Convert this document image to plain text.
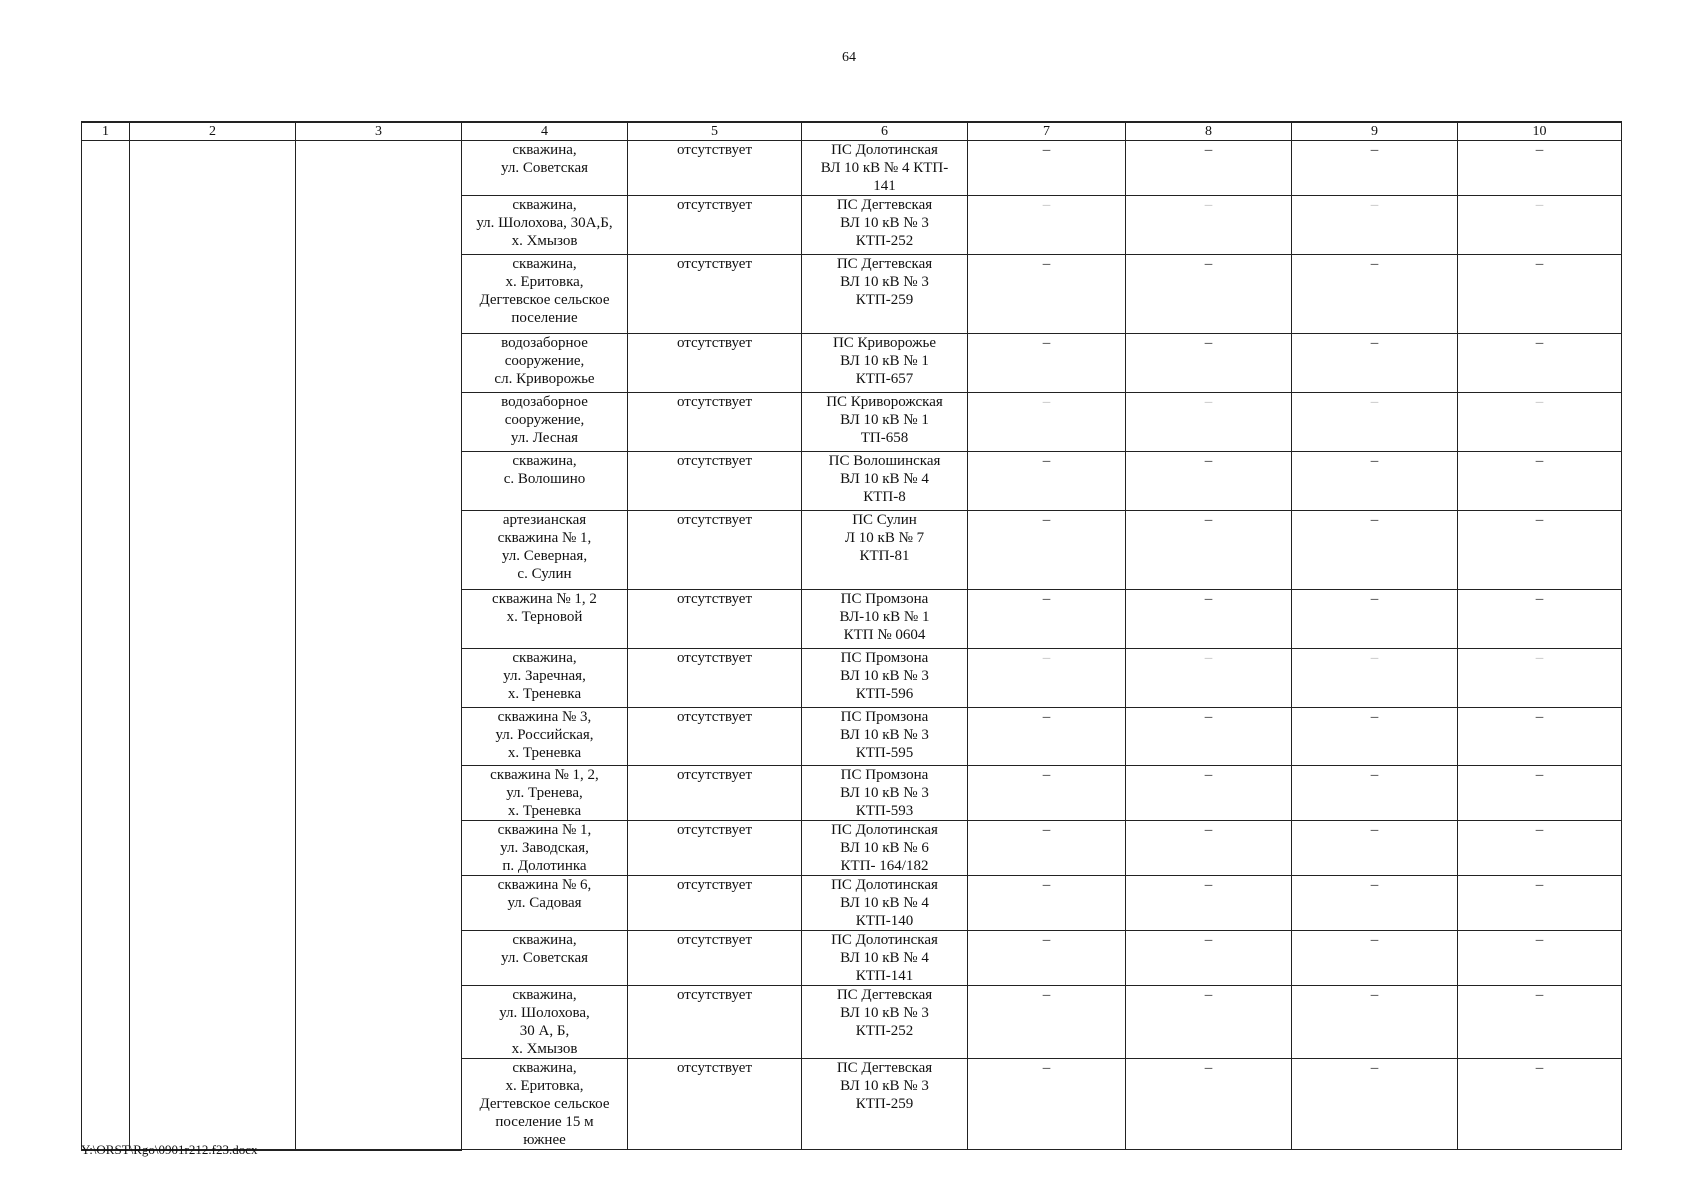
64
1	2	3	4	5	6	7	8	9	10
			скважина,
ул. Советская	отсутствует	ПС Долотинская
ВЛ 10 кВ № 4 КТП-
141	–	–	–	–
			скважина,
ул. Шолохова, 30А,Б,
х. Хмызов	отсутствует	ПС Дегтевская
ВЛ 10 кВ № 3
КТП-252	–	–	–	–
			скважина,
х. Еритовка,
Дегтевское сельское
поселение	отсутствует	ПС Дегтевская
ВЛ 10 кВ № 3
КТП-259	–	–	–	–
			водозаборное
сооружение,
сл. Криворожье	отсутствует	ПС Криворожье
ВЛ 10 кВ № 1
КТП-657	–	–	–	–
			водозаборное
сооружение,
ул. Лесная	отсутствует	ПС Криворожская
ВЛ 10 кВ № 1
ТП-658	–	–	–	–
			скважина,
с. Волошино	отсутствует	ПС Волошинская
ВЛ 10 кВ № 4
КТП-8	–	–	–	–
			артезианская
скважина № 1,
ул. Северная,
с. Сулин	отсутствует	ПС Сулин
Л 10 кВ № 7
КТП-81	–	–	–	–
			скважина № 1, 2
х. Терновой	отсутствует	ПС Промзона
ВЛ-10 кВ № 1
КТП № 0604	–	–	–	–
			скважина,
ул. Заречная,
х. Треневка	отсутствует	ПС Промзона
ВЛ 10 кВ № 3
КТП-596	–	–	–	–
			скважина № 3,
ул. Российская,
х. Треневка	отсутствует	ПС Промзона
ВЛ 10 кВ № 3
КТП-595	–	–	–	–
			скважина № 1, 2,
ул. Тренева,
х. Треневка	отсутствует	ПС Промзона
ВЛ 10 кВ № 3
КТП-593	–	–	–	–
			скважина № 1,
ул. Заводская,
п. Долотинка	отсутствует	ПС Долотинская
ВЛ 10 кВ № 6
КТП- 164/182	–	–	–	–
			скважина № 6,
ул. Садовая	отсутствует	ПС Долотинская
ВЛ 10 кВ № 4
КТП-140	–	–	–	–
			скважина,
ул. Советская	отсутствует	ПС Долотинская
ВЛ 10 кВ № 4
КТП-141	–	–	–	–
			скважина,
ул. Шолохова,
30 А, Б,
х. Хмызов	отсутствует	ПС Дегтевская
ВЛ 10 кВ № 3
КТП-252	–	–	–	–
			скважина,
х. Еритовка,
Дегтевское сельское
поселение 15 м
южнее	отсутствует	ПС Дегтевская
ВЛ 10 кВ № 3
КТП-259	–	–	–	–
Y:\ORST\Rgo\0901r212.f23.docx
